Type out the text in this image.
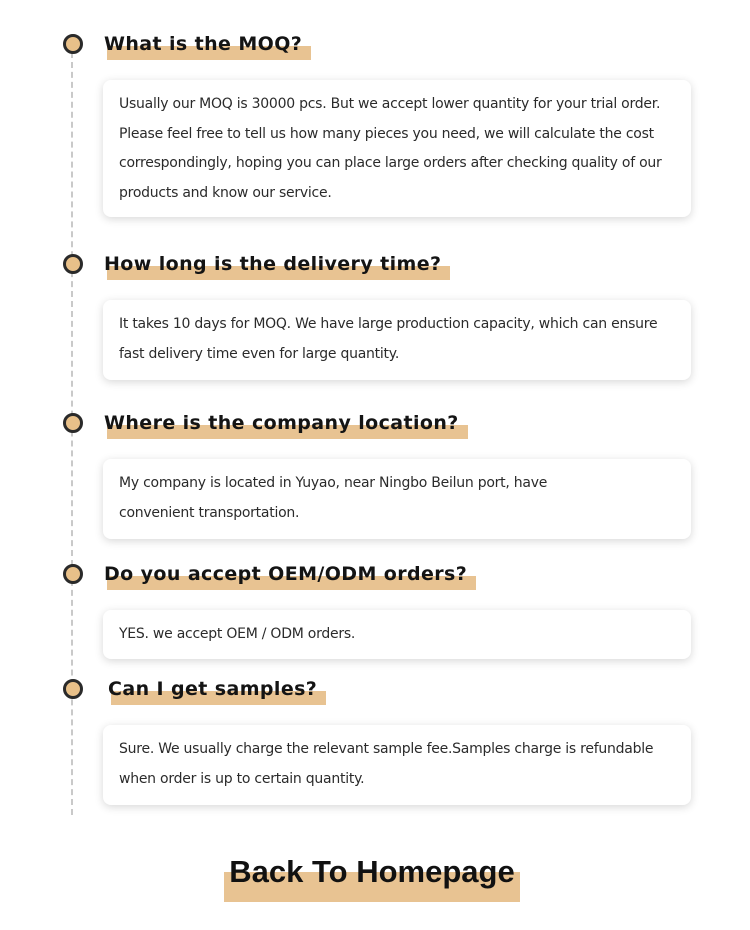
What is the MOQ?

Usually our MOQ is 30000 pcs. But we accept lower quantity for your trial order.

Please feel free to tell us how many pieces you need, we will calculate the cost

correspondingly, hoping you can place large orders after checking quality of our

products and know our service.

How long is the delivery time?

It takes 10 days for MOQ. We have large production capacity, which can ensure

fast delivery time even for large quantity.

Where is the company location?

My company is located in Yuyao, near Ningbo Beilun port, have

convenient transportation.

Do you accept OEM/ODM orders?

YES. we accept OEM / ODM orders.

Can I get samples?

Sure. We usually charge the relevant sample fee.Samples charge is refundable

when order is up to certain quantity.

Back To Homepage
